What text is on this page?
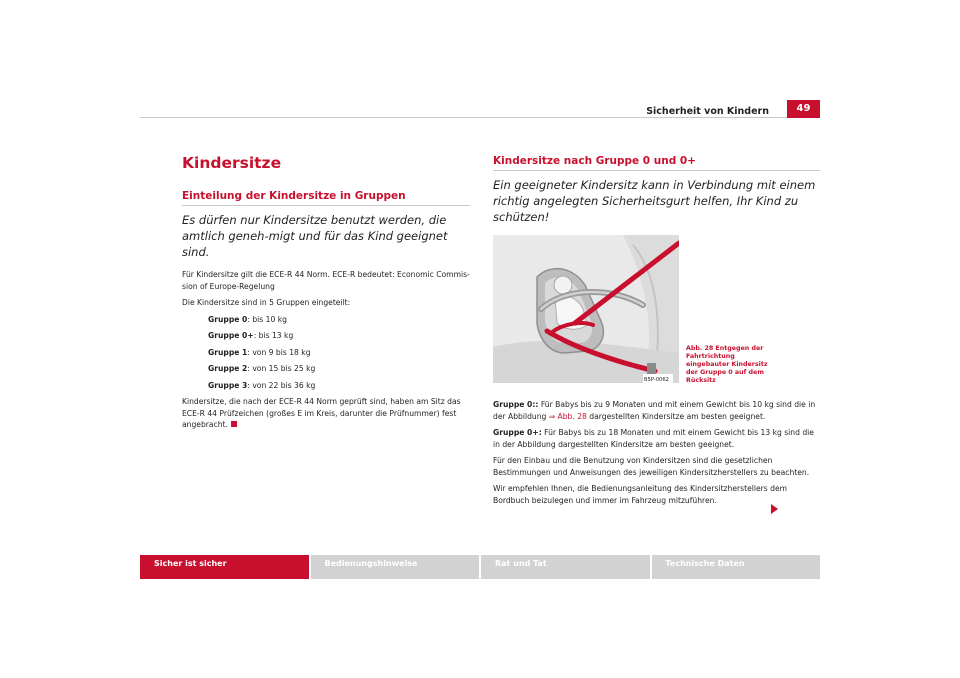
Sicherheit von Kindern	49
Kindersitze
Einteilung der Kindersitze in Gruppen
Es dürfen nur Kindersitze benutzt werden, die amtlich geneh-migt und für das Kind geeignet sind.
Für Kindersitze gilt die ECE-R 44 Norm. ECE-R bedeutet: Economic Commis-sion of Europe-Regelung
Die Kindersitze sind in 5 Gruppen eingeteilt:
Gruppe 0: bis 10 kg
Gruppe 0+: bis 13 kg
Gruppe 1: von 9 bis 18 kg
Gruppe 2: von 15 bis 25 kg
Gruppe 3: von 22 bis 36 kg
Kindersitze, die nach der ECE-R 44 Norm geprüft sind, haben am Sitz das ECE-R 44 Prüfzeichen (großes E im Kreis, darunter die Prüfnummer) fest angebracht.
Kindersitze nach Gruppe 0 und 0+
Ein geeigneter Kindersitz kann in Verbindung mit einem richtig angelegten Sicherheitsgurt helfen, Ihr Kind zu schützen!
B5P-0062
Abb. 28 Entgegen der Fahrtrichtung eingebauter Kindersitz der Gruppe 0 auf dem Rücksitz
Gruppe 0:: Für Babys bis zu 9 Monaten und mit einem Gewicht bis 10 kg sind die in der Abbildung ⇒ Abb. 28 dargestellten Kindersitze am besten geeignet.
Gruppe 0+: Für Babys bis zu 18 Monaten und mit einem Gewicht bis 13 kg sind die in der Abbildung dargestellten Kindersitze am besten geeignet.
Für den Einbau und die Benutzung von Kindersitzen sind die gesetzlichen Bestimmungen und Anweisungen des jeweiligen Kindersitzherstellers zu beachten.
Wir empfehlen Ihnen, die Bedienungsanleitung des Kindersitzherstellers dem Bordbuch beizulegen und immer im Fahrzeug mitzuführen.
Sicher ist sicher	Bedienungshinweise	Rat und Tat	Technische Daten
